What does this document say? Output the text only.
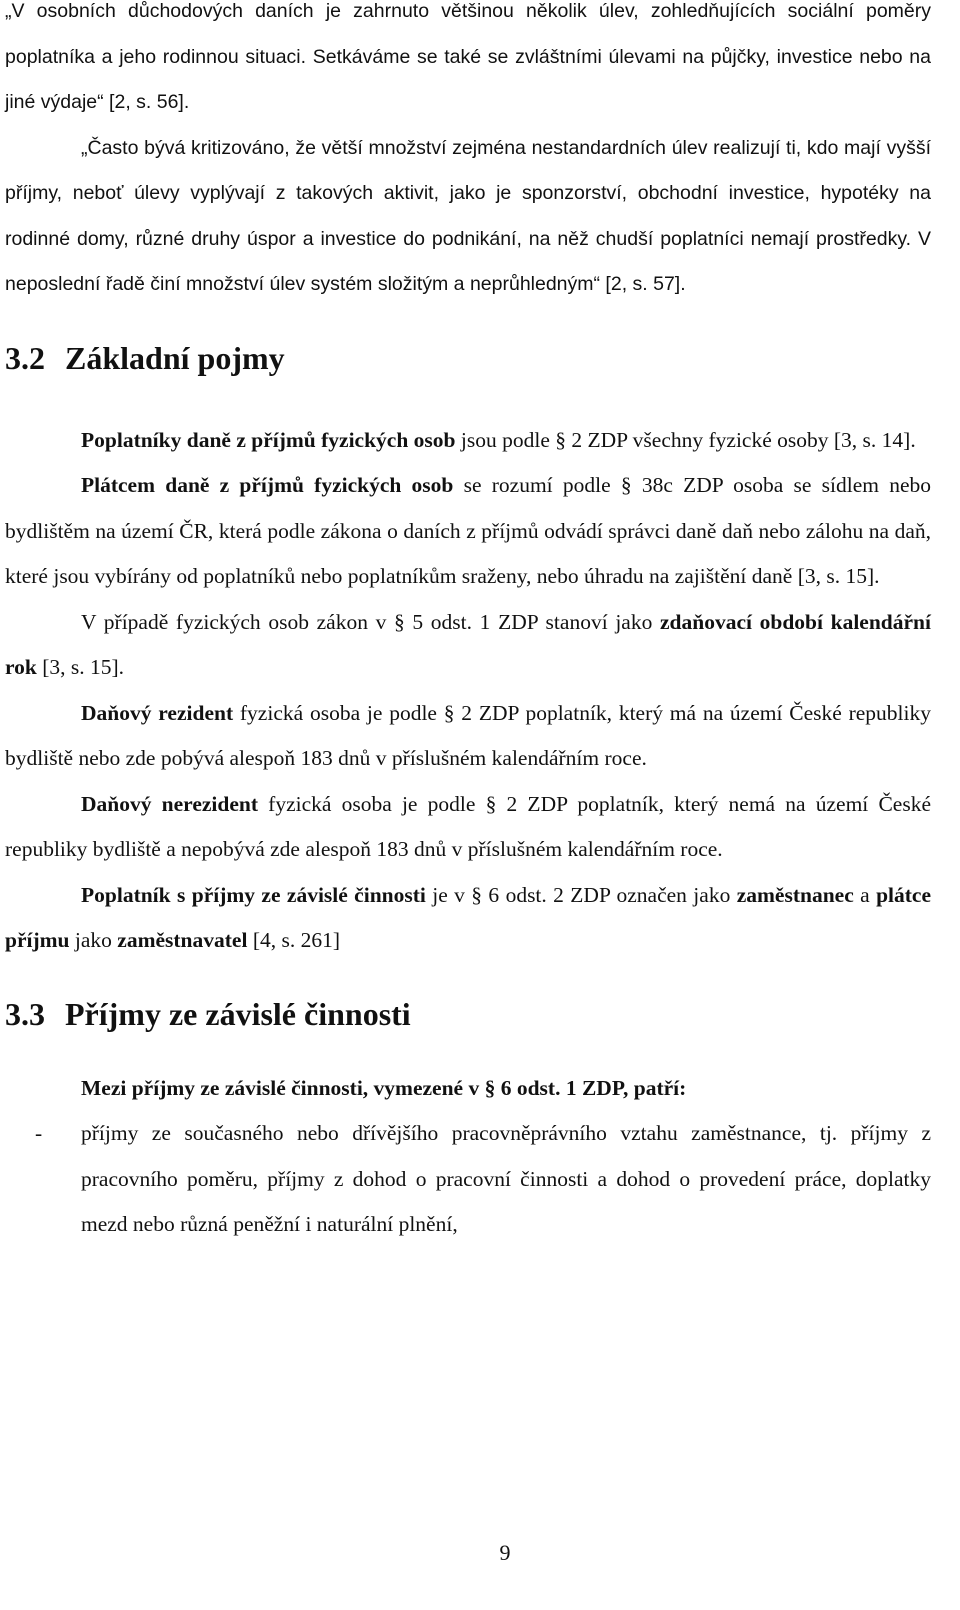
„V osobních důchodových daních je zahrnuto většinou několik úlev, zohledňujících sociální poměry poplatníka a jeho rodinnou situaci. Setkáváme se také se zvláštními úlevami na půjčky, investice nebo na jiné výdaje“ [2, s. 56].

„Často bývá kritizováno, že větší množství zejména nestandardních úlev realizují ti, kdo mají vyšší příjmy, neboť úlevy vyplývají z takových aktivit, jako je sponzorství, obchodní investice, hypotéky na rodinné domy, různé druhy úspor a investice do podnikání, na něž chudší poplatníci nemají prostředky. V neposlední řadě činí množství úlev systém složitým a neprůhledným“ [2, s. 57].

3.2 Základní pojmy

Poplatníky daně z příjmů fyzických osob jsou podle § 2 ZDP všechny fyzické osoby [3, s. 14].

Plátcem daně z příjmů fyzických osob se rozumí podle § 38c ZDP osoba se sídlem nebo bydlištěm na území ČR, která podle zákona o daních z příjmů odvádí správci daně daň nebo zálohu na daň, které jsou vybírány od poplatníků nebo poplatníkům sraženy, nebo úhradu na zajištění daně [3, s. 15].

V případě fyzických osob zákon v § 5 odst. 1 ZDP stanoví jako zdaňovací období kalendářní rok [3, s. 15].

Daňový rezident fyzická osoba je podle § 2 ZDP poplatník, který má na území České republiky bydliště nebo zde pobývá alespoň 183 dnů v příslušném kalendářním roce.

Daňový nerezident fyzická osoba je podle § 2 ZDP poplatník, který nemá na území České republiky bydliště a nepobývá zde alespoň 183 dnů v příslušném kalendářním roce.

Poplatník s příjmy ze závislé činnosti je v § 6 odst. 2 ZDP označen jako zaměstnanec a plátce příjmu jako zaměstnavatel [4, s. 261]

3.3 Příjmy ze závislé činnosti

Mezi příjmy ze závislé činnosti, vymezené v § 6 odst. 1 ZDP, patří:

- příjmy ze současného nebo dřívějšího pracovněprávního vztahu zaměstnance, tj. příjmy z pracovního poměru, příjmy z dohod o pracovní činnosti a dohod o provedení práce, doplatky mezd nebo různá peněžní i naturální plnění,
9
